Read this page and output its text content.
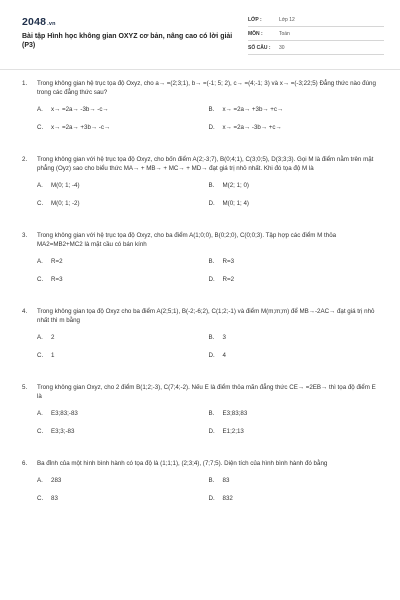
2048.vn
Bài tập Hình học không gian OXYZ cơ bản, nâng cao có lời giải (P3)
LỚP :	Lớp 12
MÔN :	Toán
SỐ CÂU :	30
1.	Trong không gian hệ trục tọa độ Oxyz, cho a→ =(2;3;1), b→ =(-1; 5; 2), c→ =(4;-1; 3) và x→ =(-3;22;5) Đẳng thức nào đúng trong các đẳng thức sau?
A.	x→ =2a→ -3b→ -c→	B.	x→ =2a→ +3b→ +c→
C.	x→ =2a→ +3b→ -c→	D.	x→ =2a→ -3b→ +c→
2.	Trong không gian với hệ trục tọa độ Oxyz, cho bốn điểm A(2;-3;7), B(0;4;1), C(3;0;5), D(3;3;3). Gọi M là điểm nằm trên mặt phẳng (Oyz) sao cho biểu thức MA→ + MB→ + MC→ + MD→ đạt giá trị nhỏ nhất. Khi đó tọa độ M là
A.	M(0; 1; -4)	B.	M(2; 1; 0)
C.	M(0; 1; -2)	D.	M(0; 1; 4)
3.	Trong không gian với hệ trục tọa độ Oxyz, cho ba điểm A(1;0;0), B(0;2;0), C(0;0;3). Tập hợp các điểm M thỏa MA2=MB2+MC2 là mặt cầu có bán kính
A.	R=2	B.	R=3
C.	R=3	D.	R=2
4.	Trong không gian tọa độ Oxyz cho ba điểm A(2;5;1), B(-2;-6;2), C(1;2;-1) và điểm M(m;m;m) để MB→-2AC→ đạt giá trị nhỏ nhất thì m bằng
A.	2	B.	3
C.	1	D.	4
5.	Trong không gian Oxyz, cho 2 điểm B(1;2;-3), C(7;4;-2). Nếu E là điểm thỏa mãn đẳng thức CE→ =2EB→ thì tọa độ điểm E là
A.	E3;83;-83	B.	E3;83;83
C.	E3;3;-83	D.	E1;2;13
6.	Ba đỉnh của một hình bình hành có tọa độ là (1;1;1), (2;3;4), (7;7;5). Diện tích của hình bình hành đó bằng
A.	283	B.	83
C.	83	D.	832
